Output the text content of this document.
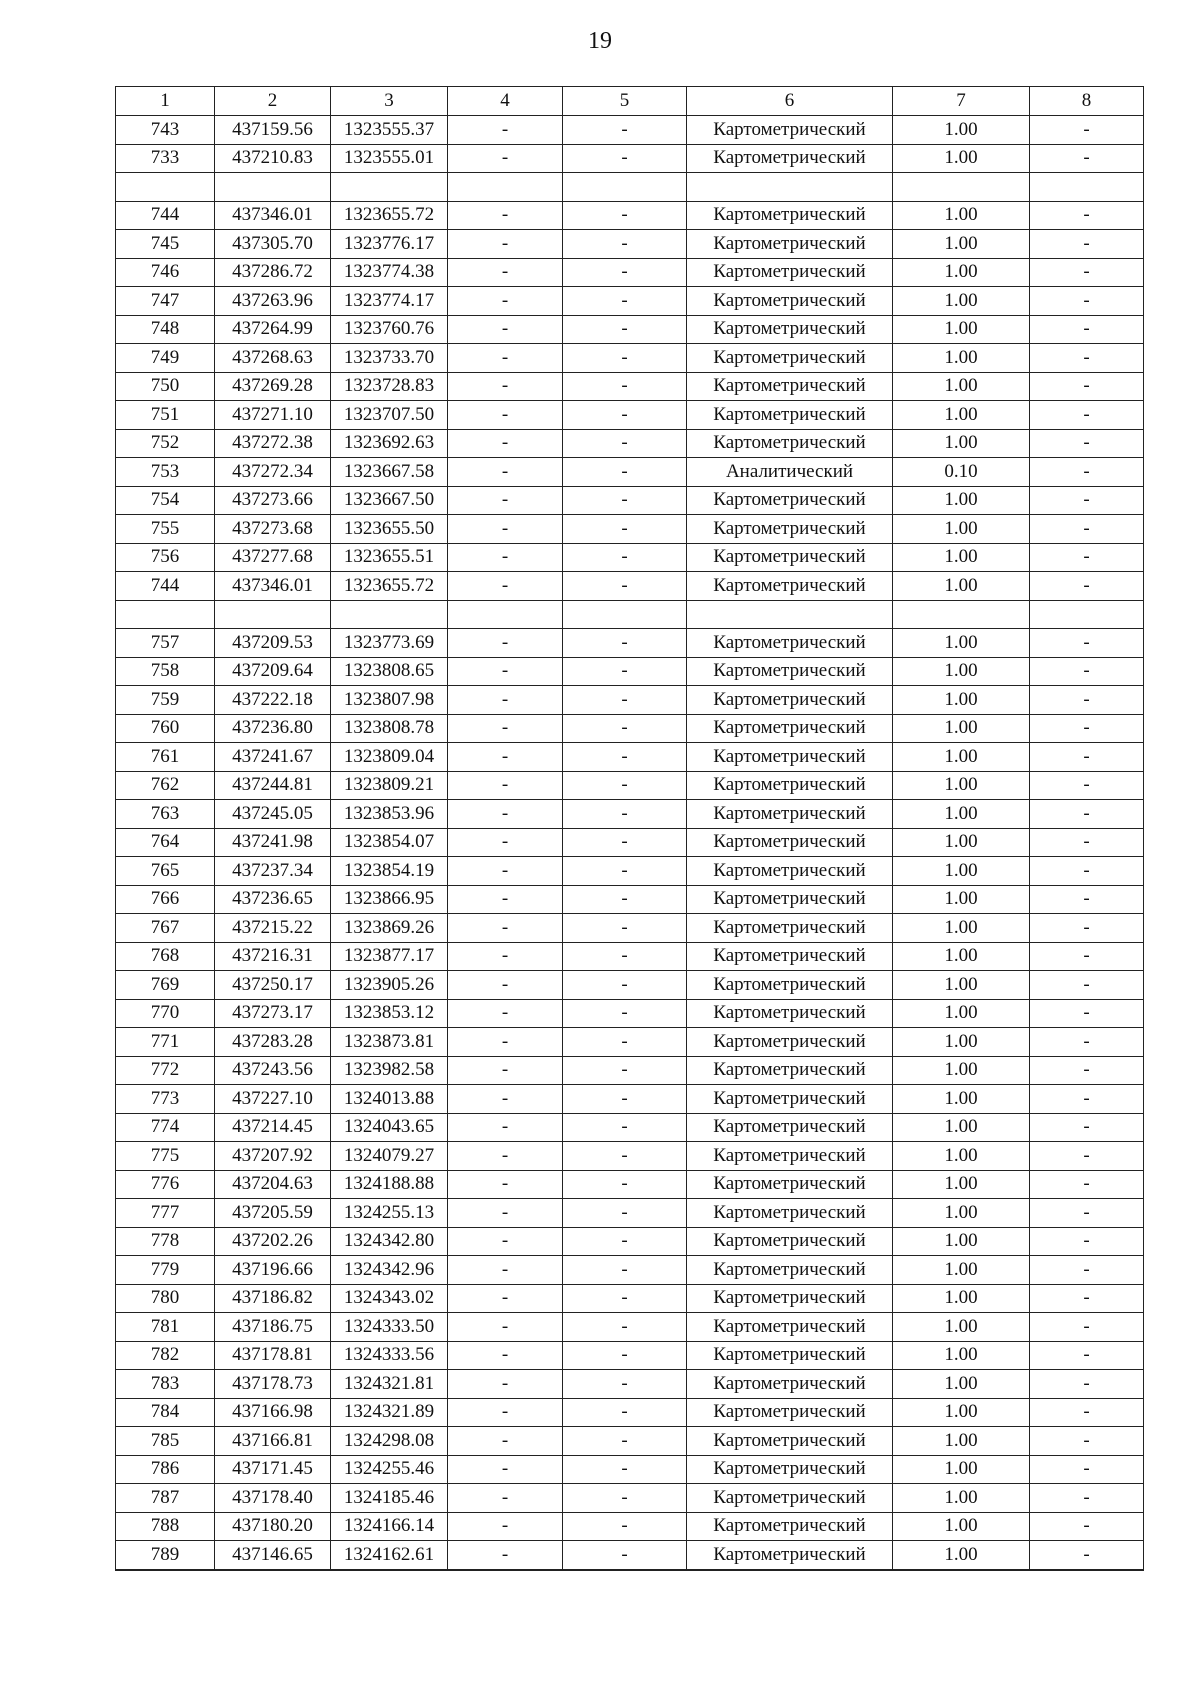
19
1	2	3	4	5	6	7	8
743	437159.56	1323555.37	-	-	Картометрический	1.00	-
733	437210.83	1323555.01	-	-	Картометрический	1.00	-

744	437346.01	1323655.72	-	-	Картометрический	1.00	-
745	437305.70	1323776.17	-	-	Картометрический	1.00	-
746	437286.72	1323774.38	-	-	Картометрический	1.00	-
747	437263.96	1323774.17	-	-	Картометрический	1.00	-
748	437264.99	1323760.76	-	-	Картометрический	1.00	-
749	437268.63	1323733.70	-	-	Картометрический	1.00	-
750	437269.28	1323728.83	-	-	Картометрический	1.00	-
751	437271.10	1323707.50	-	-	Картометрический	1.00	-
752	437272.38	1323692.63	-	-	Картометрический	1.00	-
753	437272.34	1323667.58	-	-	Аналитический	0.10	-
754	437273.66	1323667.50	-	-	Картометрический	1.00	-
755	437273.68	1323655.50	-	-	Картометрический	1.00	-
756	437277.68	1323655.51	-	-	Картометрический	1.00	-
744	437346.01	1323655.72	-	-	Картометрический	1.00	-

757	437209.53	1323773.69	-	-	Картометрический	1.00	-
758	437209.64	1323808.65	-	-	Картометрический	1.00	-
759	437222.18	1323807.98	-	-	Картометрический	1.00	-
760	437236.80	1323808.78	-	-	Картометрический	1.00	-
761	437241.67	1323809.04	-	-	Картометрический	1.00	-
762	437244.81	1323809.21	-	-	Картометрический	1.00	-
763	437245.05	1323853.96	-	-	Картометрический	1.00	-
764	437241.98	1323854.07	-	-	Картометрический	1.00	-
765	437237.34	1323854.19	-	-	Картометрический	1.00	-
766	437236.65	1323866.95	-	-	Картометрический	1.00	-
767	437215.22	1323869.26	-	-	Картометрический	1.00	-
768	437216.31	1323877.17	-	-	Картометрический	1.00	-
769	437250.17	1323905.26	-	-	Картометрический	1.00	-
770	437273.17	1323853.12	-	-	Картометрический	1.00	-
771	437283.28	1323873.81	-	-	Картометрический	1.00	-
772	437243.56	1323982.58	-	-	Картометрический	1.00	-
773	437227.10	1324013.88	-	-	Картометрический	1.00	-
774	437214.45	1324043.65	-	-	Картометрический	1.00	-
775	437207.92	1324079.27	-	-	Картометрический	1.00	-
776	437204.63	1324188.88	-	-	Картометрический	1.00	-
777	437205.59	1324255.13	-	-	Картометрический	1.00	-
778	437202.26	1324342.80	-	-	Картометрический	1.00	-
779	437196.66	1324342.96	-	-	Картометрический	1.00	-
780	437186.82	1324343.02	-	-	Картометрический	1.00	-
781	437186.75	1324333.50	-	-	Картометрический	1.00	-
782	437178.81	1324333.56	-	-	Картометрический	1.00	-
783	437178.73	1324321.81	-	-	Картометрический	1.00	-
784	437166.98	1324321.89	-	-	Картометрический	1.00	-
785	437166.81	1324298.08	-	-	Картометрический	1.00	-
786	437171.45	1324255.46	-	-	Картометрический	1.00	-
787	437178.40	1324185.46	-	-	Картометрический	1.00	-
788	437180.20	1324166.14	-	-	Картометрический	1.00	-
789	437146.65	1324162.61	-	-	Картометрический	1.00	-
